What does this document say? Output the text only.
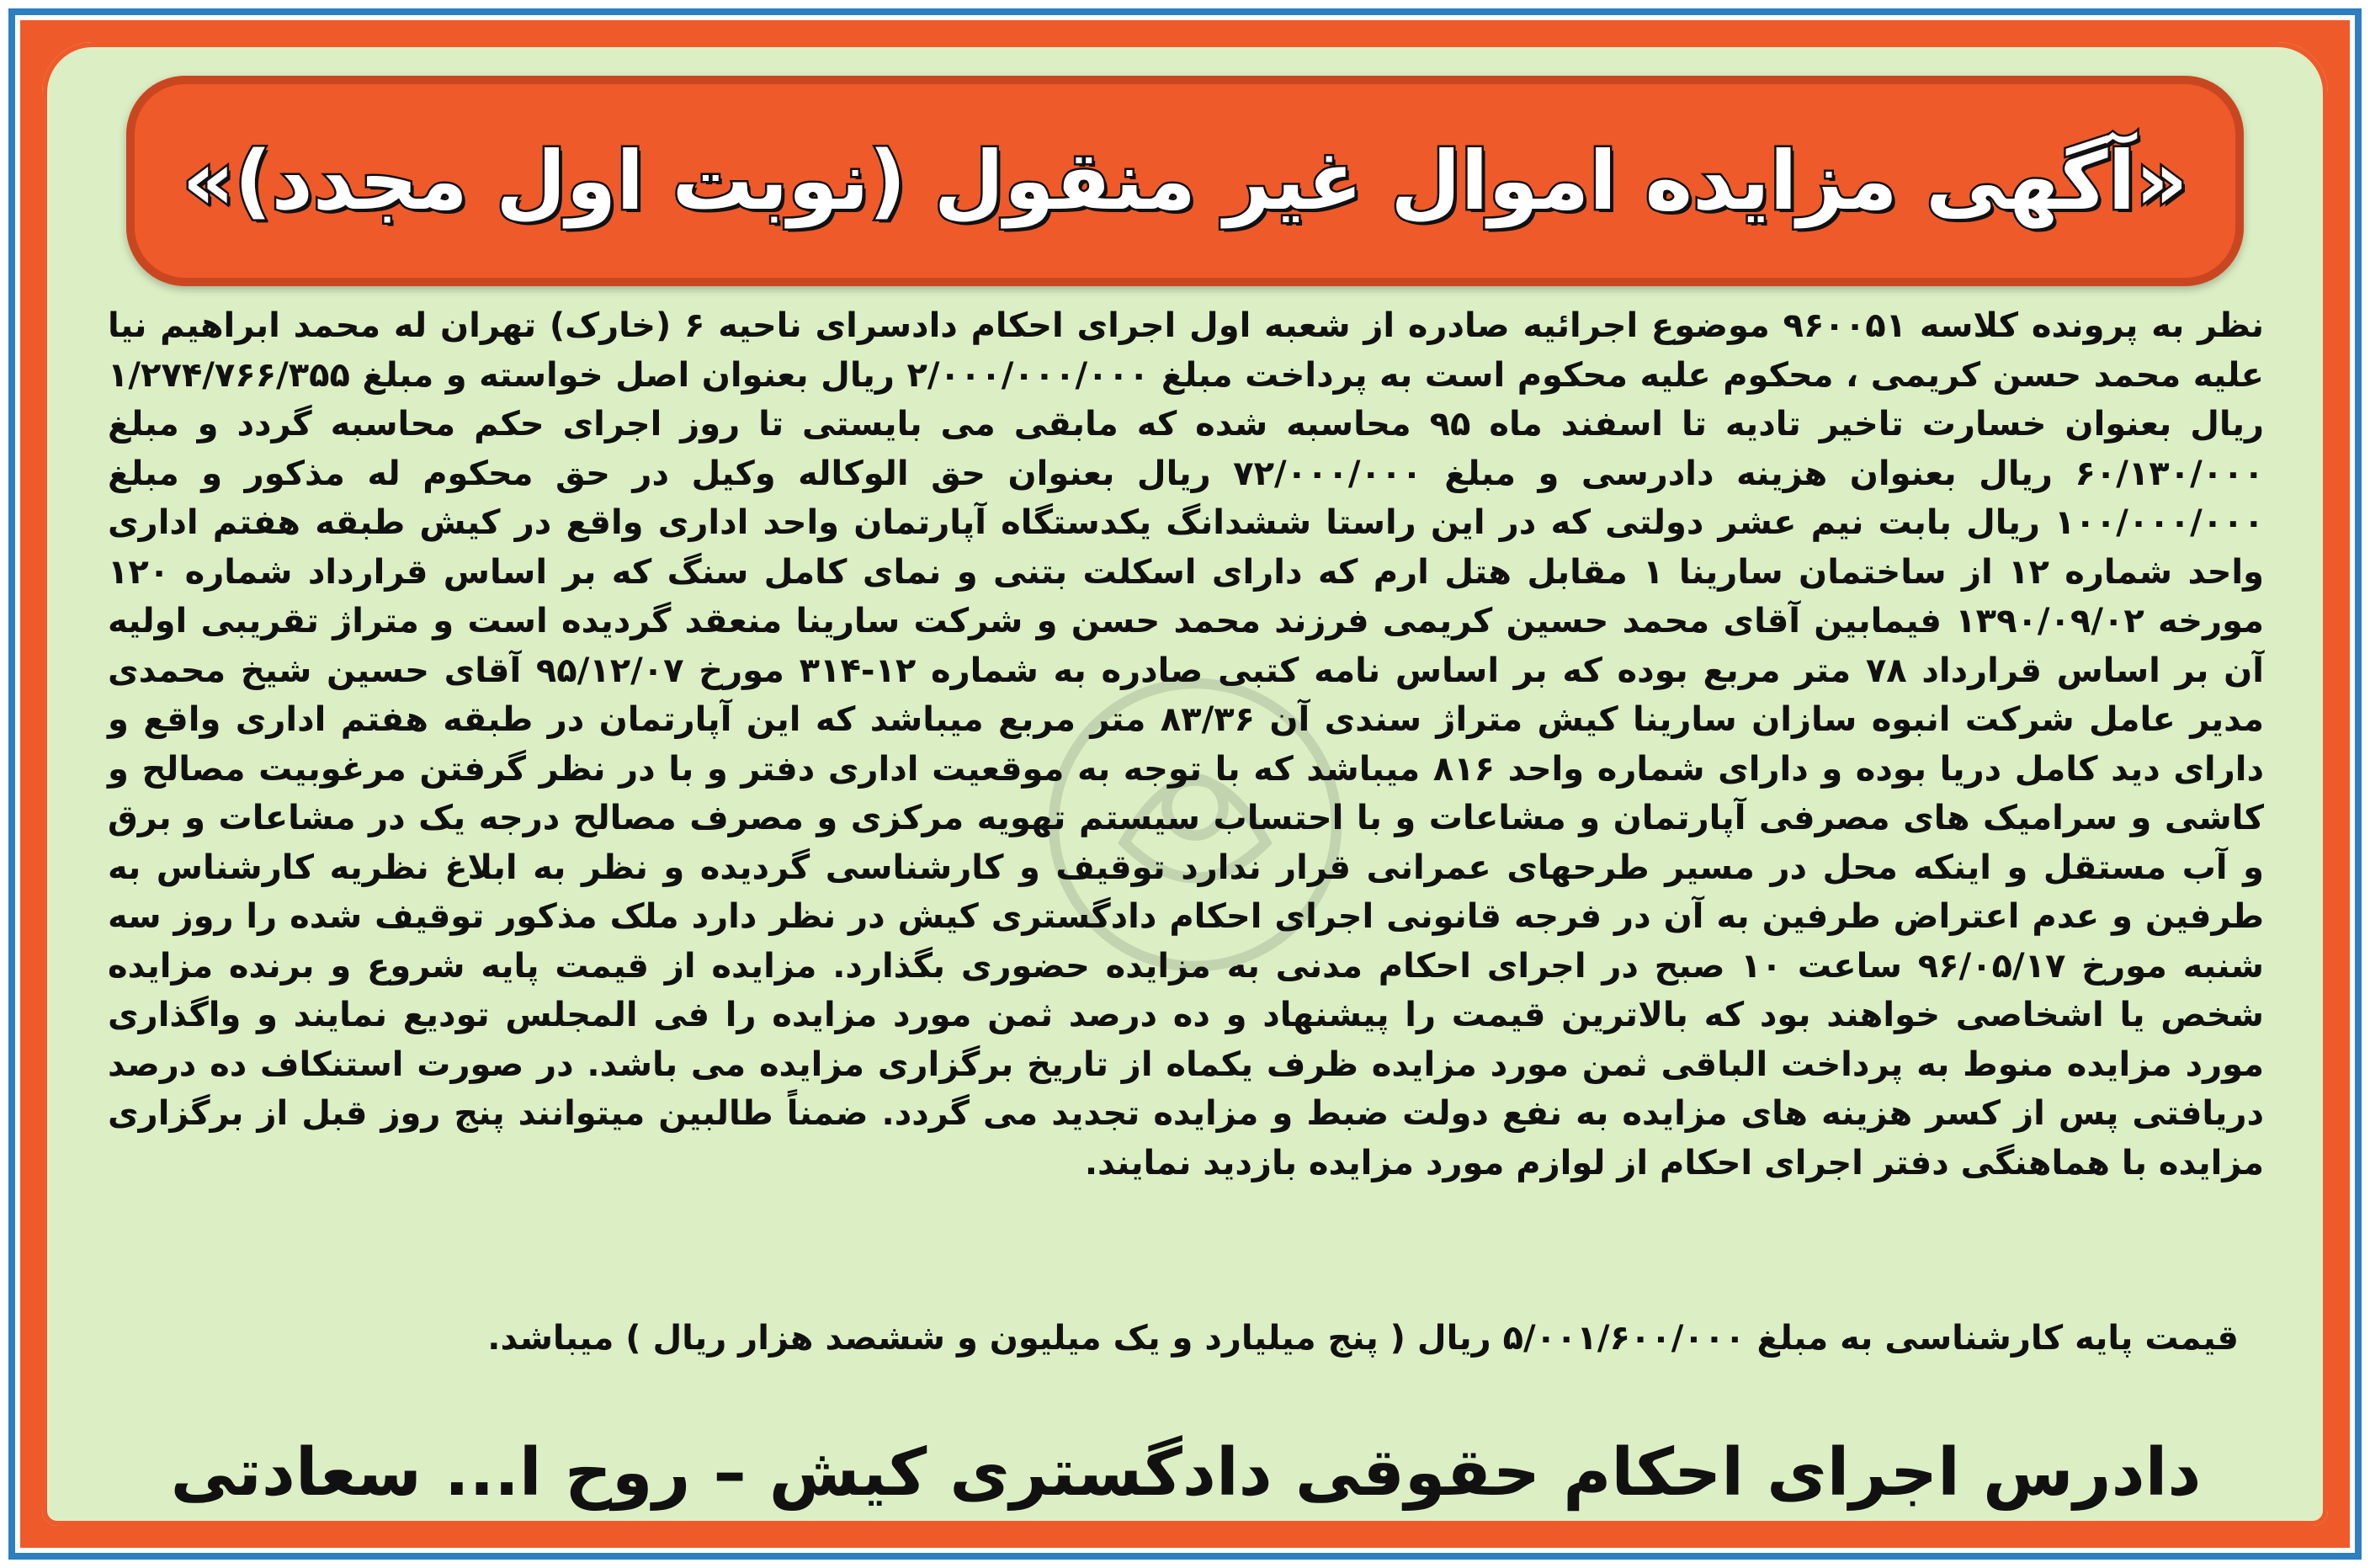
«آگهی مزایده اموال غیر منقول (نوبت اول مجدد)»

نظر به پرونده کلاسه ۹۶۰۰۵۱ موضوع اجرائیه صادره از شعبه اول اجرای احکام دادسرای ناحیه ۶ (خارک) تهران له محمد ابراهیم نیا علیه محمد حسن کریمی ، محکوم علیه محکوم است به پرداخت مبلغ ۲/۰۰۰/۰۰۰/۰۰۰ ریال بعنوان اصل خواسته و مبلغ ۱/۲۷۴/۷۶۶/۳۵۵ ریال بعنوان خسارت تاخیر تادیه تا اسفند ماه ۹۵ محاسبه شده که مابقی می بایستی تا روز اجرای حکم محاسبه گردد و مبلغ ۶۰/۱۳۰/۰۰۰ ریال بعنوان هزینه دادرسی و مبلغ ۷۲/۰۰۰/۰۰۰ ریال بعنوان حق الوکاله وکیل در حق محکوم له مذکور و مبلغ ۱۰۰/۰۰۰/۰۰۰ ریال بابت نیم عشر دولتی که در این راستا ششدانگ یکدستگاه آپارتمان واحد اداری واقع در کیش طبقه هفتم اداری واحد شماره ۱۲ از ساختمان سارینا ۱ مقابل هتل ارم که دارای اسکلت بتنی و نمای کامل سنگ که بر اساس قرارداد شماره ۱۲۰ مورخه ۱۳۹۰/۰۹/۰۲ فیمابین آقای محمد حسین کریمی فرزند محمد حسن و شرکت سارینا منعقد گردیده است و متراژ تقریبی اولیه آن بر اساس قرارداد ۷۸ متر مربع بوده که بر اساس نامه کتبی صادره به شماره ۱۲-۳۱۴ مورخ ۹۵/۱۲/۰۷ آقای حسین شیخ محمدی مدیر عامل شرکت انبوه سازان سارینا کیش متراژ سندی آن ۸۳/۳۶ متر مربع میباشد که این آپارتمان در طبقه هفتم اداری واقع و دارای دید کامل دریا بوده و دارای شماره واحد ۸۱۶ میباشد که با توجه به موقعیت اداری دفتر و با در نظر گرفتن مرغوبیت مصالح و کاشی و سرامیک های مصرفی آپارتمان و مشاعات و با احتساب سیستم تهویه مرکزی و مصرف مصالح درجه یک در مشاعات و برق و آب مستقل و اینکه محل در مسیر طرحهای عمرانی قرار ندارد توقیف و کارشناسی گردیده و نظر به ابلاغ نظریه کارشناس به طرفین و عدم اعتراض طرفین به آن در فرجه قانونی اجرای احکام دادگستری کیش در نظر دارد ملک مذکور توقیف شده را روز سه شنبه مورخ ۹۶/۰۵/۱۷ ساعت ۱۰ صبح در اجرای احکام مدنی به مزایده حضوری بگذارد. مزایده از قیمت پایه شروع و برنده مزایده شخص یا اشخاصی خواهند بود که بالاترین قیمت را پیشنهاد و ده درصد ثمن مورد مزایده را فی المجلس تودیع نمایند و واگذاری مورد مزایده منوط به پرداخت الباقی ثمن مورد مزایده ظرف یکماه از تاریخ برگزاری مزایده می باشد. در صورت استنکاف ده درصد دریافتی پس از کسر هزینه های مزایده به نفع دولت ضبط و مزایده تجدید می گردد. ضمناً طالبین میتوانند پنج روز قبل از برگزاری مزایده با هماهنگی دفتر اجرای احکام از لوازم مورد مزایده بازدید نمایند.

قیمت پایه کارشناسی به مبلغ ۵/۰۰۱/۶۰۰/۰۰۰ ریال ( پنج میلیارد و یک میلیون و ششصد هزار ریال ) میباشد.
دادرس اجرای احکام حقوقی دادگستری کیش – روح ا... سعادتی
